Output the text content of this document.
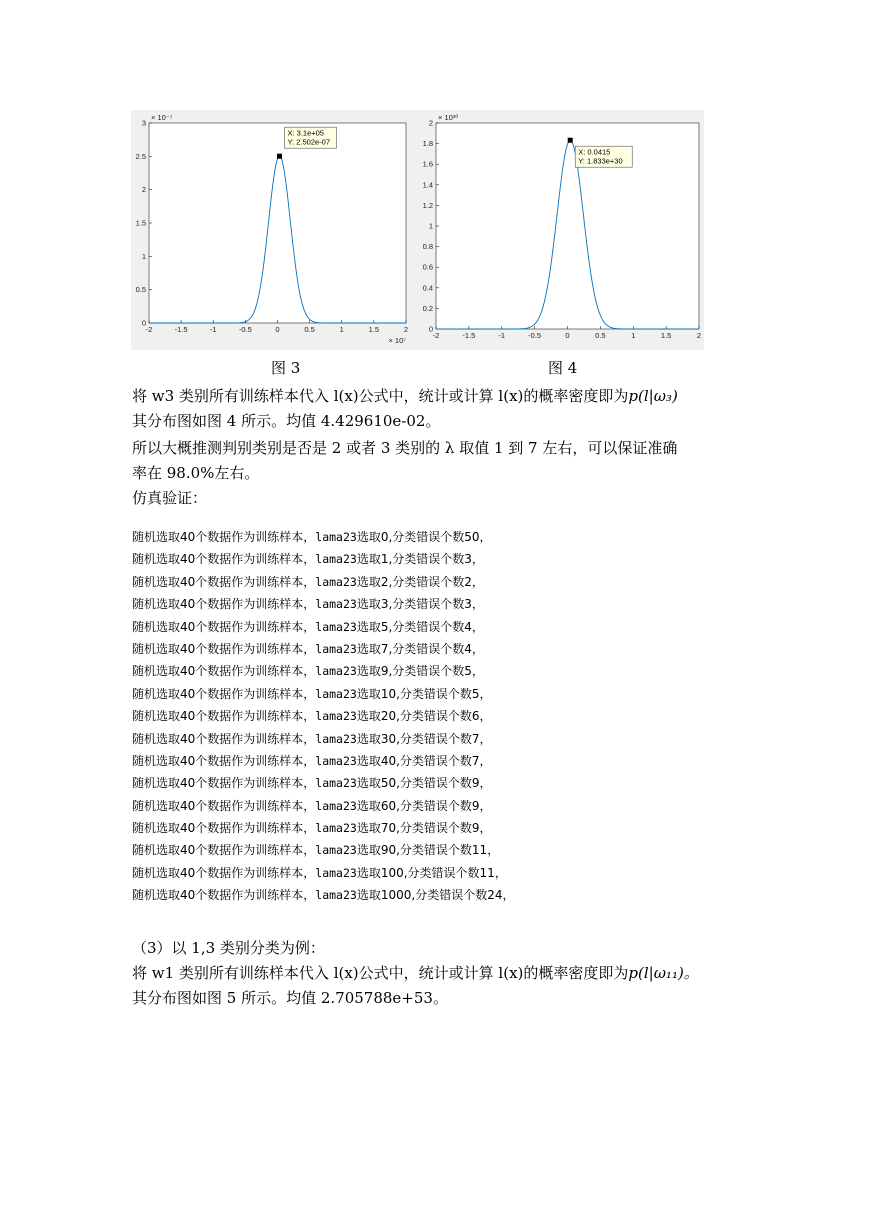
-2	-1.5	-1	-0.5	0	0.5	1	1.5	2
0
0.5
1
1.5
2
2.5
3
× 10⁻⁷
× 10⁷
X: 3.1e+05
Y: 2.502e-07
-2	-1.5	-1	-0.5	0	0.5	1	1.5	2
0
0.2
0.4
0.6
0.8
1
1.2
1.4
1.6
1.8
2
× 10³⁰
X: 0.0415
Y: 1.833e+30
图 3	图 4
将 w3 类别所有训练样本代入 l(x)公式中，统计或计算 l(x)的概率密度即为p(l|ω₃)
其分布图如图 4 所示。均值 4.429610e-02。
所以大概推测判别类别是否是 2 或者 3 类别的 λ 取值 1 到 7 左右，可以保证准确
率在 98.0%左右。
仿真验证：
随机选取40个数据作为训练样本，lama23选取0,分类错误个数50，
随机选取40个数据作为训练样本，lama23选取1,分类错误个数3，
随机选取40个数据作为训练样本，lama23选取2,分类错误个数2，
随机选取40个数据作为训练样本，lama23选取3,分类错误个数3，
随机选取40个数据作为训练样本，lama23选取5,分类错误个数4，
随机选取40个数据作为训练样本，lama23选取7,分类错误个数4，
随机选取40个数据作为训练样本，lama23选取9,分类错误个数5，
随机选取40个数据作为训练样本，lama23选取10,分类错误个数5，
随机选取40个数据作为训练样本，lama23选取20,分类错误个数6，
随机选取40个数据作为训练样本，lama23选取30,分类错误个数7，
随机选取40个数据作为训练样本，lama23选取40,分类错误个数7，
随机选取40个数据作为训练样本，lama23选取50,分类错误个数9，
随机选取40个数据作为训练样本，lama23选取60,分类错误个数9，
随机选取40个数据作为训练样本，lama23选取70,分类错误个数9，
随机选取40个数据作为训练样本，lama23选取90,分类错误个数11，
随机选取40个数据作为训练样本，lama23选取100,分类错误个数11，
随机选取40个数据作为训练样本，lama23选取1000,分类错误个数24，
（3）以 1,3 类别分类为例：
将 w1 类别所有训练样本代入 l(x)公式中，统计或计算 l(x)的概率密度即为p(l|ω₁₁)。
其分布图如图 5 所示。均值 2.705788e+53。
